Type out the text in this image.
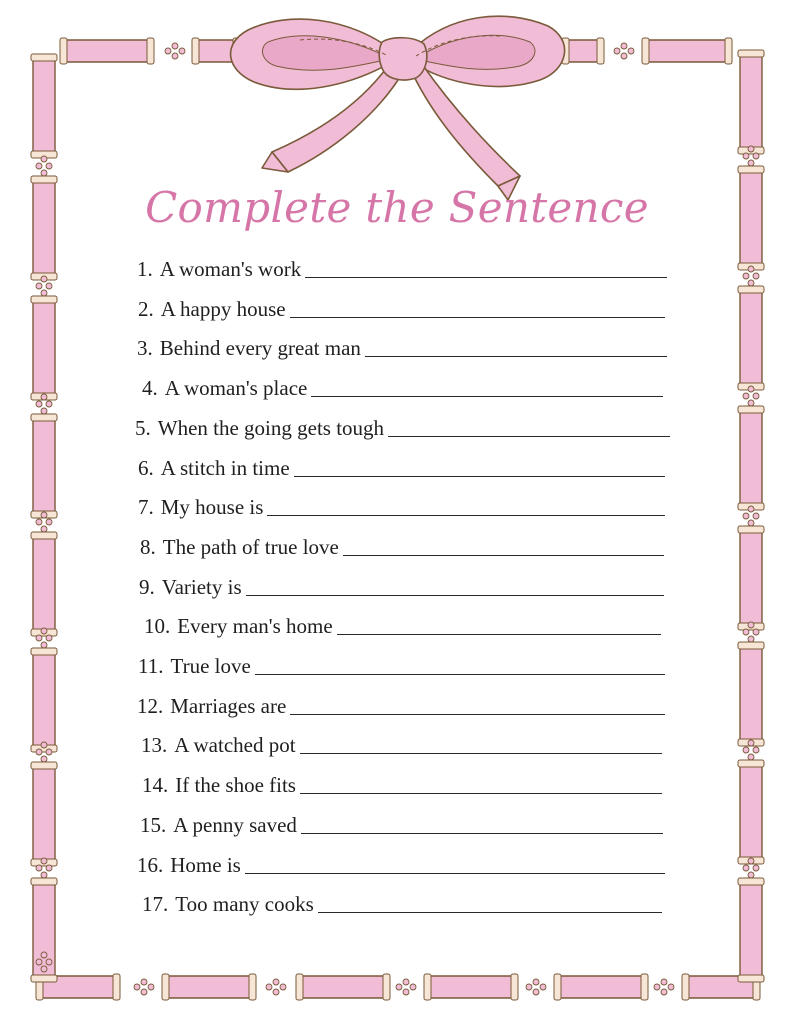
Complete the Sentence
1. A woman's work
2. A happy house
3. Behind every great man
4. A woman's place
5. When the going gets tough
6. A stitch in time
7. My house is
8. The path of true love
9. Variety is
10. Every man's home
11. True love
12. Marriages are
13. A watched pot
14. If the shoe fits
15. A penny saved
16. Home is
17. Too many cooks
